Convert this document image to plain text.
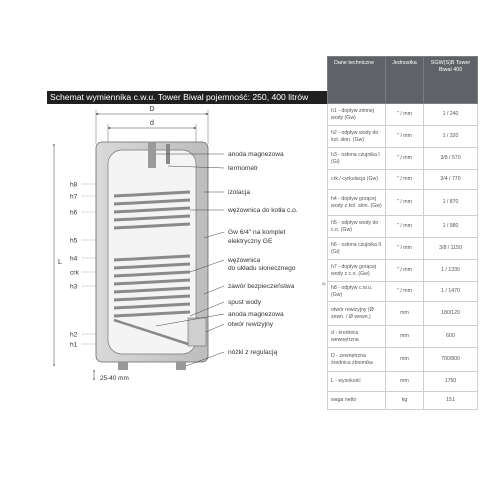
Schemat wymiennika c.w.u. Tower Biwal pojemność: 250, 400 litrów
D
d
L
h8
h7
h6
h5
h4
crk
h3
h2
h1
25-40 mm
anoda magnezowa
termometr
izolacja
wężownica do kotła c.o.
Gw 6/4" na komplet
elektryczny GE
wężownica
do układu słonecznego
zawór bezpieczeństwa	2)
spust wody
anoda magnezowa
otwór rewizyjny
nóżki z regulacją
Dane techniczne	Jednostka	SGW(S)B Tower Biwal 400
h1 - dopływ zimnej wody (Gw)	" / mm	1 / 240
h2 - odpływ wody do kol. słon. (Gw)	" / mm	1 / 320
h3 - osłona czujnika I (Gi)	" / mm	3/8 / 570
crk / cyrkulacja (Gw)	" / mm	3/4 / 770
h4 - dopływ gorącej wody z kol. słon. (Gw)	" / mm	1 / 870
h5 - odpływ wody do c.o. (Gw)	" / mm	1 / 980
h6 - osłona czujnika II (Gi)	" / mm	3/8 / 1150
h7 - dopływ gorącej wody z c.o. (Gw)	" / mm	1 / 1330
h8 - odpływ c.w.u. (Gw)	" / mm	1 / 1470
otwór rewizyjny (Ø zewn. / Ø wewn.)	mm	180/120
d - średnica wewnętrzna	mm	600
D - zewnętrzna średnica zbiornika	mm	700/800
L - wysokość	mm	1750
waga netto	kg	151
